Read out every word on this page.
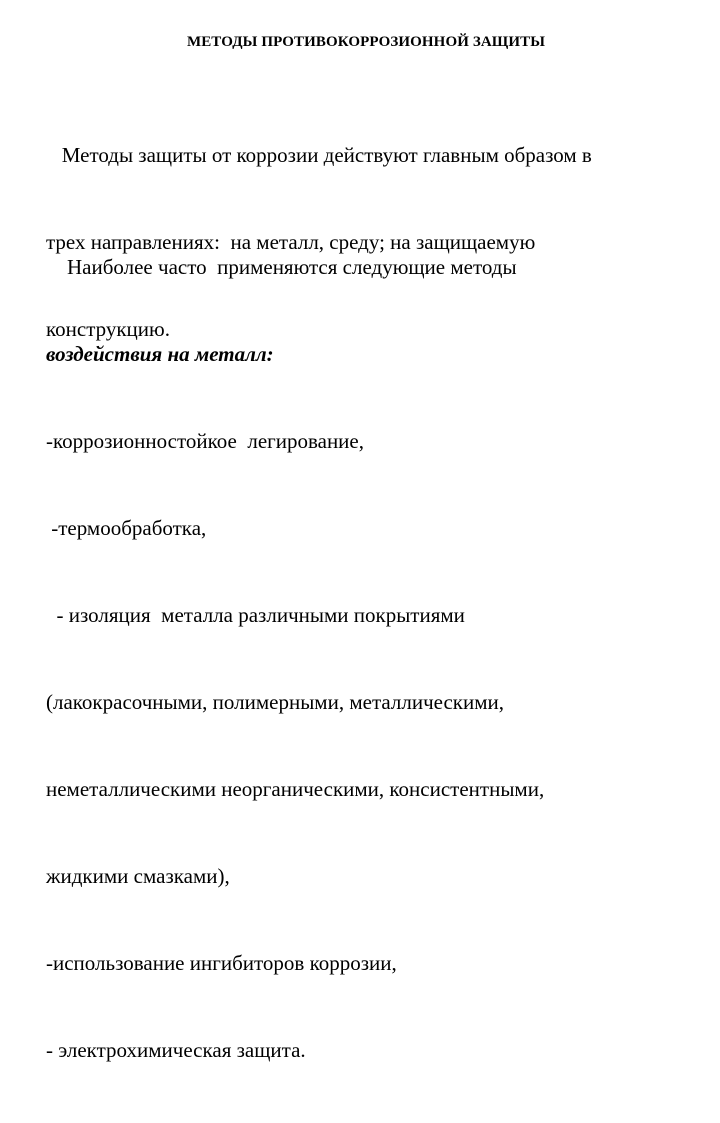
МЕТОДЫ ПРОТИВОКОРРОЗИОННОЙ ЗАЩИТЫ

Методы защиты от коррозии действуют главным образом в

трех направлениях:  на металл, среду; на защищаемую

конструкцию.

Наиболее часто  применяются следующие методы

воздействия на металл:

-коррозионностойкое  легирование,

-термообработка,

- изоляция  металла различными покрытиями

(лакокрасочными, полимерными, металлическими,

неметаллическими неорганическими, консистентными,

жидкими смазками),

-использование ингибиторов коррозии,

- электрохимическая защита.
